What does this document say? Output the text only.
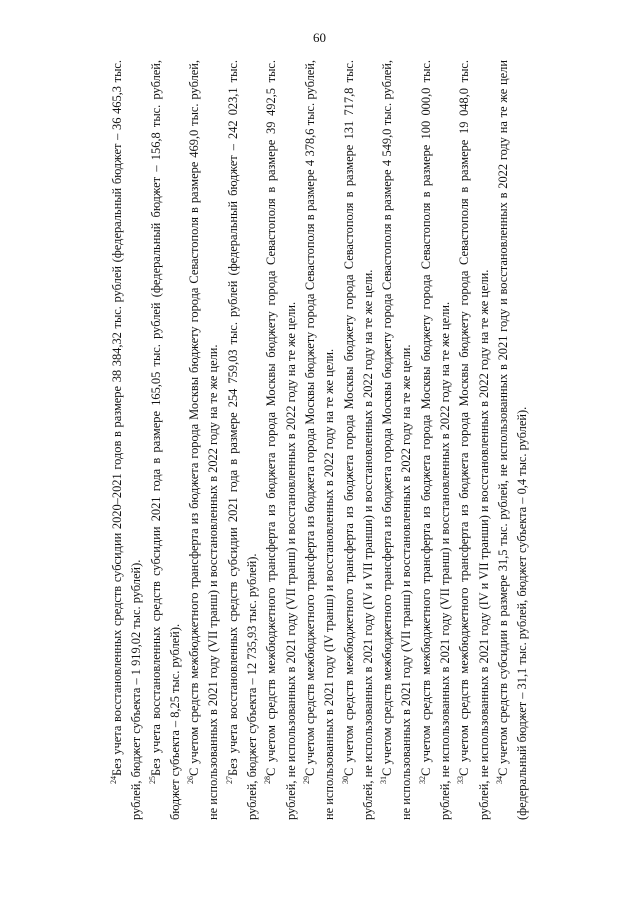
60

$^{24}$Без учета восстановленных средств субсидии 2020–2021 годов в размере 38 384,32 тыс. рублей (федеральный бюджет – 36 465,3 тыс. рублей, бюджет субъекта – 1 919,02 тыс. рублей). $^{25}$Без учета восстановленных средств субсидии 2021 года в размере 165,05 тыс. рублей (федеральный бюджет – 156,8 тыс. рублей, бюджет субъекта – 8,25 тыс. рублей). $^{26}$С учетом средств межбюджетного трансферта из бюджета города Москвы бюджету города Севастополя в размере 469,0 тыс. рублей, не использованных в 2021 году (VII транш) и восстановленных в 2022 году на те же цели. $^{27}$Без учета восстановленных средств субсидии 2021 года в размере 254 759,03 тыс. рублей (федеральный бюджет – 242 023,1 тыс. рублей, бюджет субъекта – 12 735,93 тыс. рублей). $^{28}$С учетом средств межбюджетного трансферта из бюджета города Москвы бюджету города Севастополя в размере 39 492,5 тыс. рублей, не использованных в 2021 году (VII транш) и восстановленных в 2022 году на те же цели. $^{29}$С учетом средств межбюджетного трансферта из бюджета города Москвы бюджету города Севастополя в размере 4 378,6 тыс. рублей, не использованных в 2021 году (IV транш) и восстановленных в 2022 году на те же цели. $^{30}$С учетом средств межбюджетного трансферта из бюджета города Москвы бюджету города Севастополя в размере 131 717,8 тыс. рублей, не использованных в 2021 году (IV и VII транши) и восстановленных в 2022 году на те же цели. $^{31}$С учетом средств межбюджетного трансферта из бюджета города Москвы бюджету города Севастополя в размере 4 549,0 тыс. рублей, не использованных в 2021 году (VII транш) и восстановленных в 2022 году на те же цели. $^{32}$С учетом средств межбюджетного трансферта из бюджета города Москвы бюджету города Севастополя в размере 100 000,0 тыс. рублей, не использованных в 2021 году (VII транш) и восстановленных в 2022 году на те же цели. $^{33}$С учетом средств межбюджетного трансферта из бюджета города Москвы бюджету города Севастополя в размере 19 048,0 тыс. рублей, не использованных в 2021 году (IV и VII транши) и восстановленных в 2022 году на те же цели. $^{34}$С учетом средств субсидии в размере 31,5 тыс. рублей, не использованных в 2021 году и восстановленных в 2022 году на те же цели (федеральный бюджет – 31,1 тыс. рублей, бюджет субъекта – 0,4 тыс. рублей).
